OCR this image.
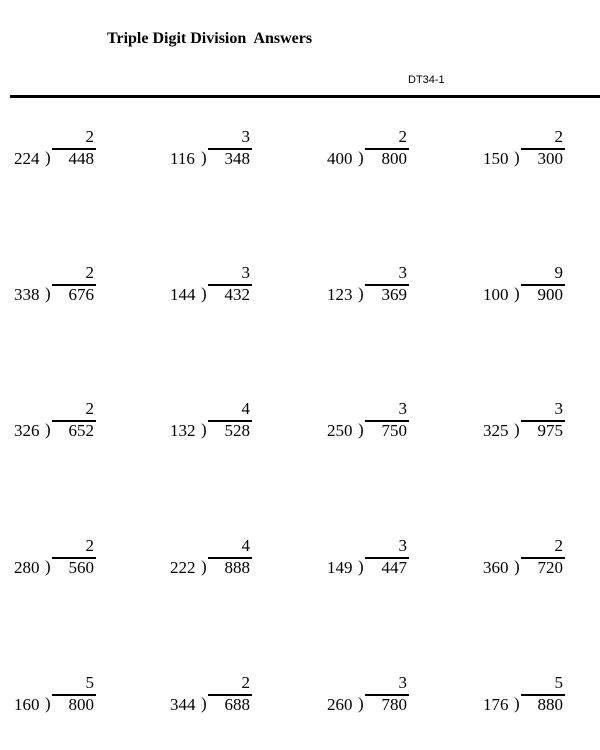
Triple Digit Division  Answers
DT34-1
2
224 ) 448
3
116 ) 348
2
400 ) 800
2
150 ) 300
2
338 ) 676
3
144 ) 432
3
123 ) 369
9
100 ) 900
2
326 ) 652
4
132 ) 528
3
250 ) 750
3
325 ) 975
2
280 ) 560
4
222 ) 888
3
149 ) 447
2
360 ) 720
5
160 ) 800
2
344 ) 688
3
260 ) 780
5
176 ) 880
